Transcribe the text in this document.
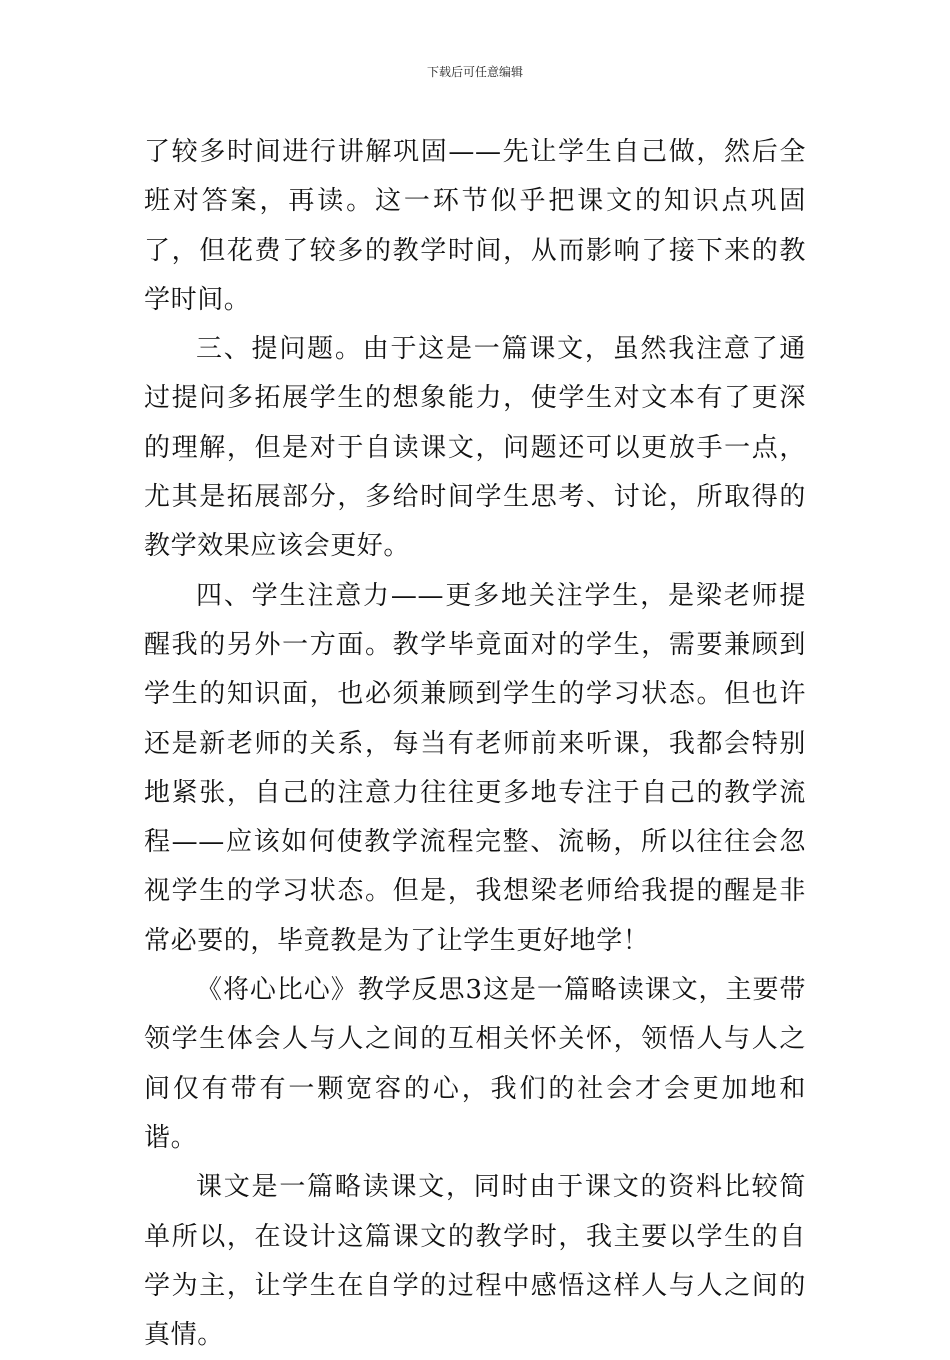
下载后可任意编辑

了较多时间进行讲解巩固——先让学生自己做，然后全班对答案，再读。这一环节似乎把课文的知识点巩固了，但花费了较多的教学时间，从而影响了接下来的教学时间。

三、提问题。由于这是一篇课文，虽然我注意了通过提问多拓展学生的想象能力，使学生对文本有了更深的理解，但是对于自读课文，问题还可以更放手一点，尤其是拓展部分，多给时间学生思考、讨论，所取得的教学效果应该会更好。

四、学生注意力——更多地关注学生，是梁老师提醒我的另外一方面。教学毕竟面对的学生，需要兼顾到学生的知识面，也必须兼顾到学生的学习状态。但也许还是新老师的关系，每当有老师前来听课，我都会特别地紧张，自己的注意力往往更多地专注于自己的教学流程——应该如何使教学流程完整、流畅，所以往往会忽视学生的学习状态。但是，我想梁老师给我提的醒是非常必要的，毕竟教是为了让学生更好地学！

《将心比心》教学反思3这是一篇略读课文，主要带领学生体会人与人之间的互相关怀关怀，领悟人与人之间仅有带有一颗宽容的心，我们的社会才会更加地和谐。

课文是一篇略读课文，同时由于课文的资料比较简单所以，在设计这篇课文的教学时，我主要以学生的自学为主，让学生在自学的过程中感悟这样人与人之间的真情。
